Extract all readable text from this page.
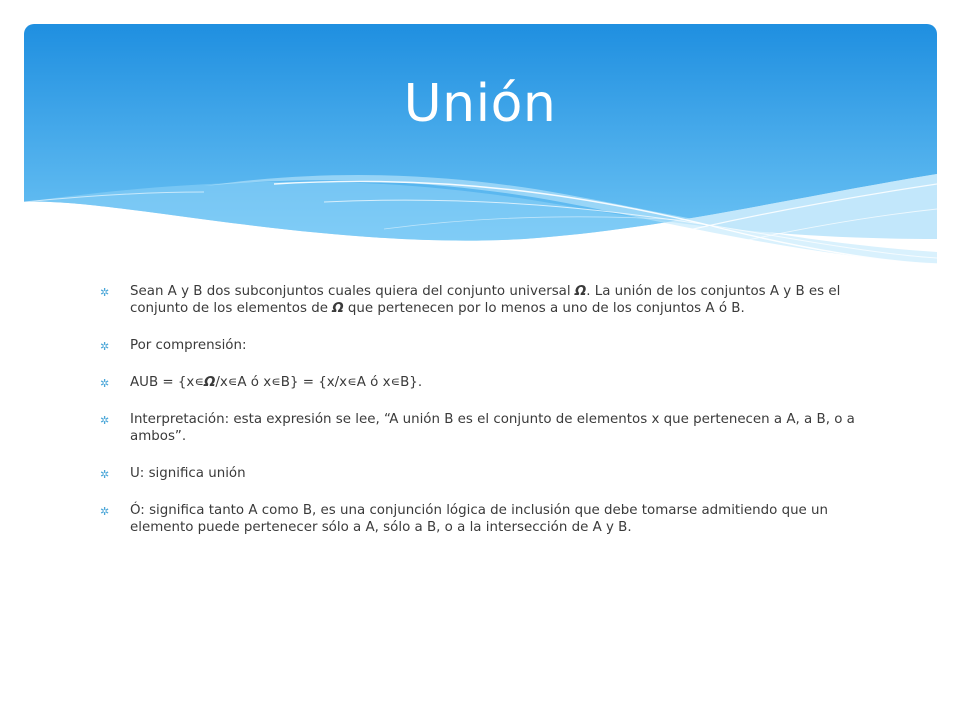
Unión
✲ Sean A y B dos subconjuntos cuales quiera del conjunto universal Ω. La unión de los conjuntos A y B es el conjunto de los elementos de Ω que pertenecen por lo menos a uno de los conjuntos A ó B.
✲ Por comprensión:
✲ AUB = {x∊Ω/x∊A ó x∊B} = {x/x∊A ó x∊B}.
✲ Interpretación: esta expresión se lee, “A unión B es el conjunto de elementos x que pertenecen a A, a B, o a ambos”.
✲ U: significa unión
✲ Ó: significa tanto A como B, es una conjunción lógica de inclusión que debe tomarse admitiendo que un elemento puede pertenecer sólo a A, sólo a B, o a la intersección de A y B.
